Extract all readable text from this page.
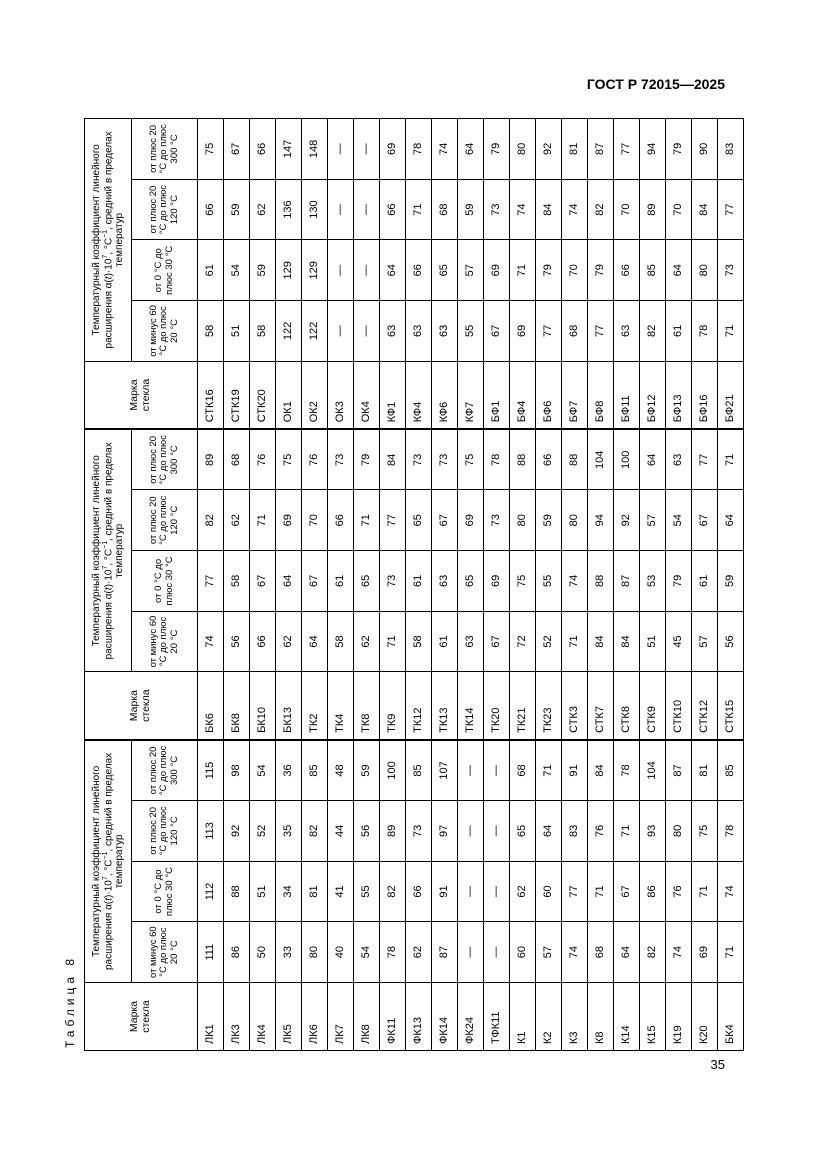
ГОСТ Р 72015—2025
Таблица 8	Марка стекла	Температурный коэффициент линейного расширения $\alpha(t)\cdot 10^7$, $^\circ С^{-1}$, средний в пределах температур				Марка стекла	Температурный коэффициент линейного расширения $\alpha(t)\cdot 10^7$, $^\circ С^{-1}$, средний в пределах температур				Марка стекла	Температурный коэффициент линейного расширения $\alpha(t)\cdot 10^7$, $^\circ С^{-1}$, средний в пределах температур			
	от минус 60 °С до плюс 20 °С	от 0 °С до плюс 30 °С	от плюс 20 °С до плюс 120 °С	от плюс 20 °С до плюс 300 °С		от минус 60 °С до плюс 20 °С	от 0 °С до плюс 30 °С	от плюс 20 °С до плюс 120 °С	от плюс 20 °С до плюс 300 °С		от минус 60 °С до плюс 20 °С	от 0 °С до плюс 30 °С	от плюс 20 °С до плюс 120 °С	от плюс 20 °С до плюс 300 °С
ЛК1	111	112	113	115	БК6	74	77	82	89	СТК16	58	61	66	75
ЛК3	86	88	92	98	БК8	56	58	62	68	СТК19	51	54	59	67
ЛК4	50	51	52	54	БК10	66	67	71	76	СТК20	58	59	62	66
ЛК5	33	34	35	36	БК13	62	64	69	75	ОК1	122	129	136	147
ЛК6	80	81	82	85	ТК2	64	67	70	76	ОК2	122	129	130	148
ЛК7	40	41	44	48	ТК4	58	61	66	73	ОК3	—	—	—	—
ЛК8	54	55	56	59	ТК8	62	65	71	79	ОК4	—	—	—	—
ФК11	78	82	89	100	ТК9	71	73	77	84	КФ1	63	64	66	69
ФК13	62	66	73	85	ТК12	58	61	65	73	КФ4	63	66	71	78
ФК14	87	91	97	107	ТК13	61	63	67	73	КФ6	63	65	68	74
ФК24	—	—	—	—	ТК14	63	65	69	75	КФ7	55	57	59	64
ТФК11	—	—	—	—	ТК20	67	69	73	78	БФ1	67	69	73	79
К1	60	62	65	68	ТК21	72	75	80	88	БФ4	69	71	74	80
К2	57	60	64	71	ТК23	52	55	59	66	БФ6	77	79	84	92
К3	74	77	83	91	СТК3	71	74	80	88	БФ7	68	70	74	81
К8	68	71	76	84	СТК7	84	88	94	104	БФ8	77	79	82	87
К14	64	67	71	78	СТК8	84	87	92	100	БФ11	63	66	70	77
К15	82	86	93	104	СТК9	51	53	57	64	БФ12	82	85	89	94
К19	74	76	80	87	СТК10	45	79	54	63	БФ13	61	64	70	79
К20	69	71	75	81	СТК12	57	61	67	77	БФ16	78	80	84	90
БК4	71	74	78	85	СТК15	56	59	64	71	БФ21	71	73	77	83
35
